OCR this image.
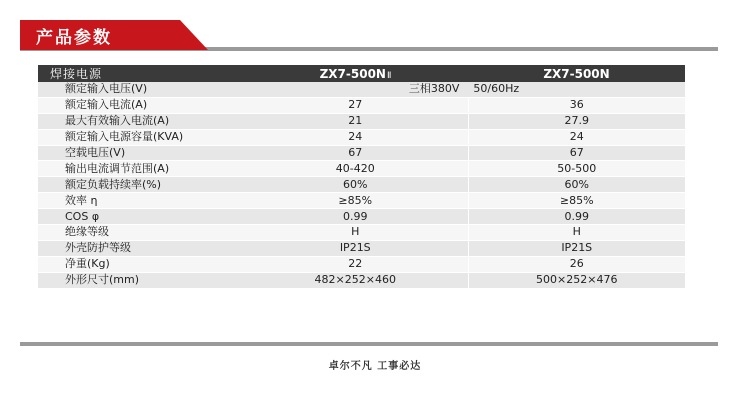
产品参数
焊接电源	ZX7-500NⅡ	ZX7-500N
额定输入电压(V)	三相380V    50/60Hz	
额定输入电流(A)	27	36
最大有效输入电流(A)	21	27.9
额定输入电源容量(KVA)	24	24
空载电压(V)	67	67
输出电流调节范围(A)	40-420	50-500
额定负载持续率(%)	60%	60%
效率 η	≥85%	≥85%
COS φ	0.99	0.99
绝缘等级	H	H
外壳防护等级	IP21S	IP21S
净重(Kg)	22	26
外形尺寸(mm)	482×252×460	500×252×476
卓尔不凡 工事必达
